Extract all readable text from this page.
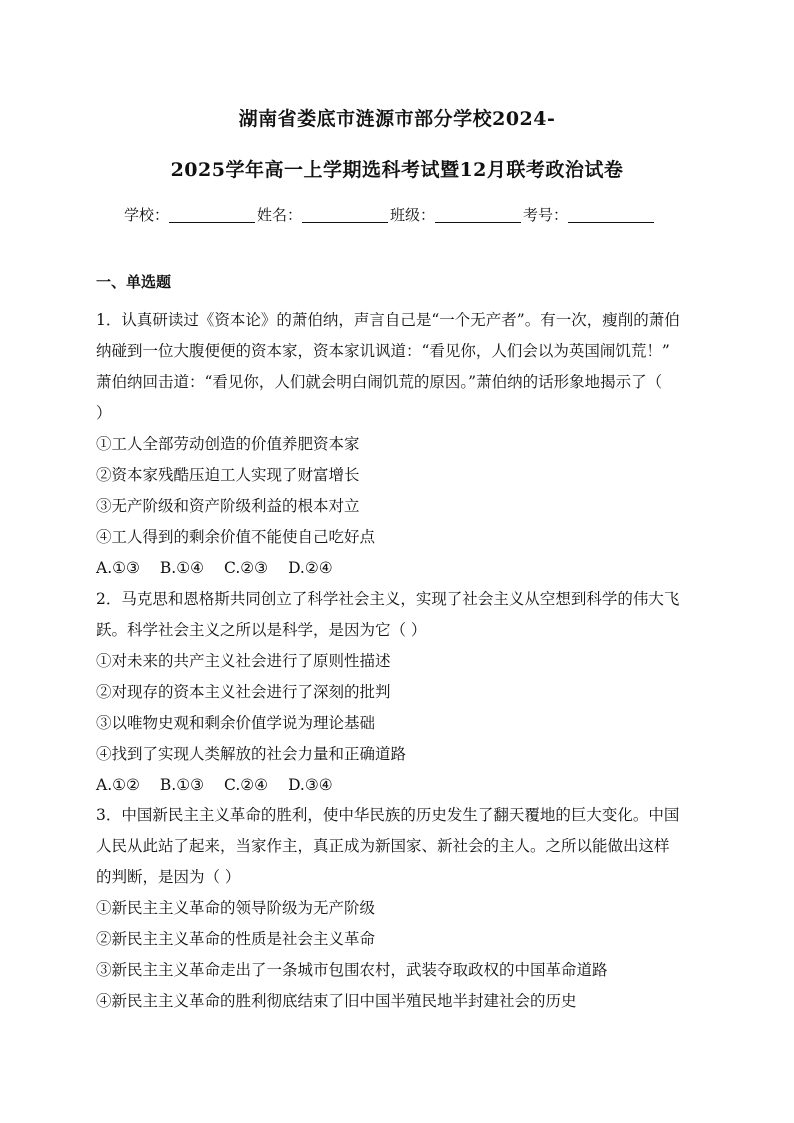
湖南省娄底市涟源市部分学校2024-
2025学年高一上学期选科考试暨12月联考政治试卷
学校：	姓名：	班级：	考号：
一、单选题

1．认真研读过《资本论》的萧伯纳，声言自己是“一个无产者”。有一次，瘦削的萧伯

纳碰到一位大腹便便的资本家，资本家讥讽道：“看见你，人们会以为英国闹饥荒！”

萧伯纳回击道：“看见你，人们就会明白闹饥荒的原因。”萧伯纳的话形象地揭示了（

）

①工人全部劳动创造的价值养肥资本家

②资本家残酷压迫工人实现了财富增长

③无产阶级和资产阶级利益的根本对立

④工人得到的剩余价值不能使自己吃好点

A.①③ B.①④ C.②③ D.②④

2．马克思和恩格斯共同创立了科学社会主义，实现了社会主义从空想到科学的伟大飞

跃。科学社会主义之所以是科学，是因为它（ ）

①对未来的共产主义社会进行了原则性描述

②对现存的资本主义社会进行了深刻的批判

③以唯物史观和剩余价值学说为理论基础

④找到了实现人类解放的社会力量和正确道路

A.①② B.①③ C.②④ D.③④

3．中国新民主主义革命的胜利，使中华民族的历史发生了翻天覆地的巨大变化。中国

人民从此站了起来，当家作主，真正成为新国家、新社会的主人。之所以能做出这样

的判断，是因为（ ）

①新民主主义革命的领导阶级为无产阶级

②新民主主义革命的性质是社会主义革命

③新民主主义革命走出了一条城市包围农村，武装夺取政权的中国革命道路

④新民主主义革命的胜利彻底结束了旧中国半殖民地半封建社会的历史
